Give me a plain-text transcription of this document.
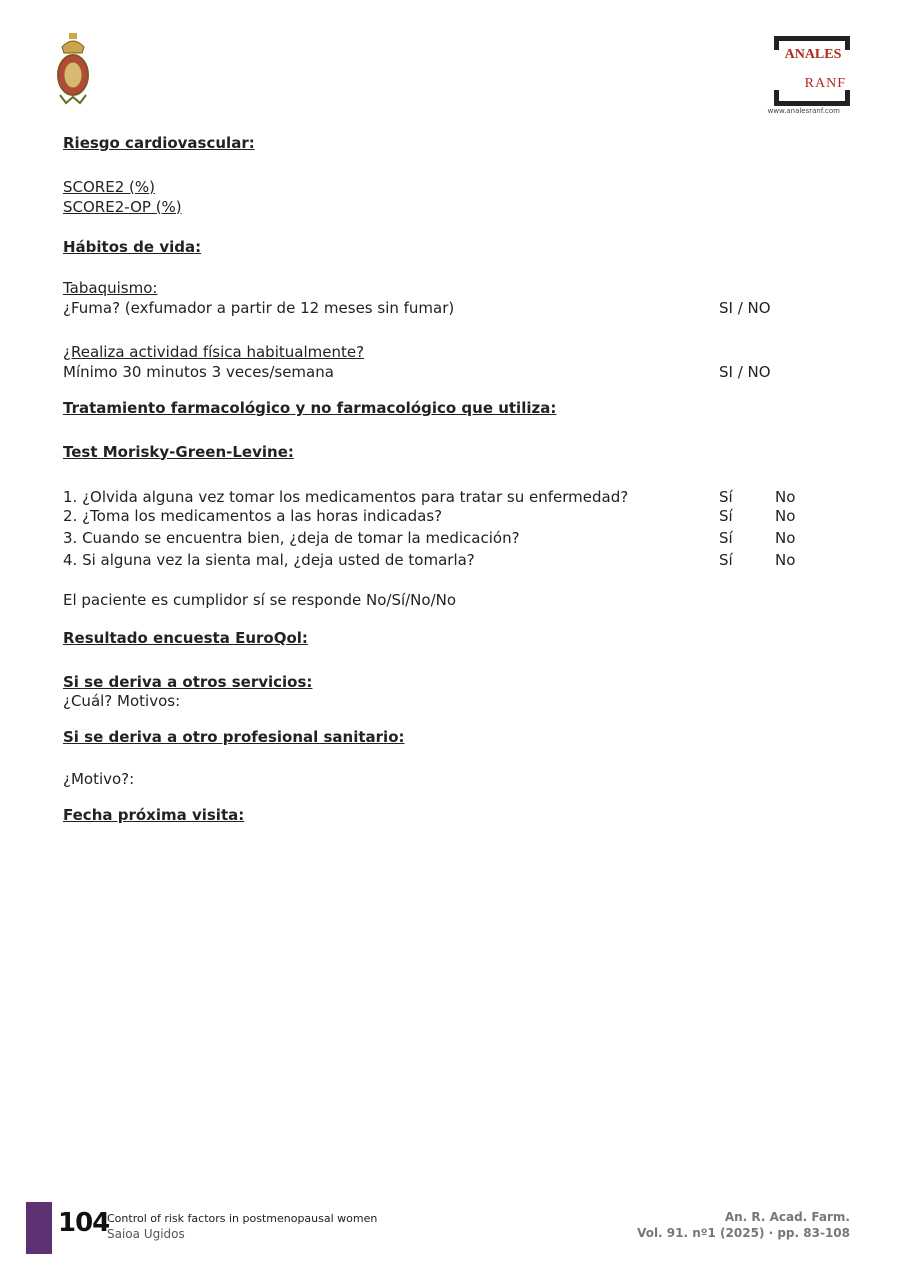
ANALES
RANF
www.analesranf.com

Riesgo cardiovascular:

SCORE2 (%)
SCORE2-OP (%)

Hábitos de vida:

Tabaquismo:
¿Fuma? (exfumador a partir de 12 meses sin fumar)	SI / NO
¿Realiza actividad física habitualmente?
Mínimo 30 minutos 3 veces/semana	SI / NO

Tratamiento farmacológico y no farmacológico que utiliza:

Test Morisky-Green-Levine:

1. ¿Olvida alguna vez tomar los medicamentos para tratar su enfermedad?	Sí	No
2. ¿Toma los medicamentos a las horas indicadas?	Sí	No
3. Cuando se encuentra bien, ¿deja de tomar la medicación?	Sí	No
4. Si alguna vez la sienta mal, ¿deja usted de tomarla?	Sí	No
El paciente es cumplidor sí se responde No/Sí/No/No

Resultado encuesta EuroQol:

Si se deriva a otros servicios:

¿Cuál? Motivos:

Si se deriva a otro profesional sanitario:

¿Motivo?:

Fecha próxima visita:

104
Control of risk factors in postmenopausal women
Saioa Ugidos
An. R. Acad. Farm.
Vol. 91. nº1 (2025) · pp. 83-108
